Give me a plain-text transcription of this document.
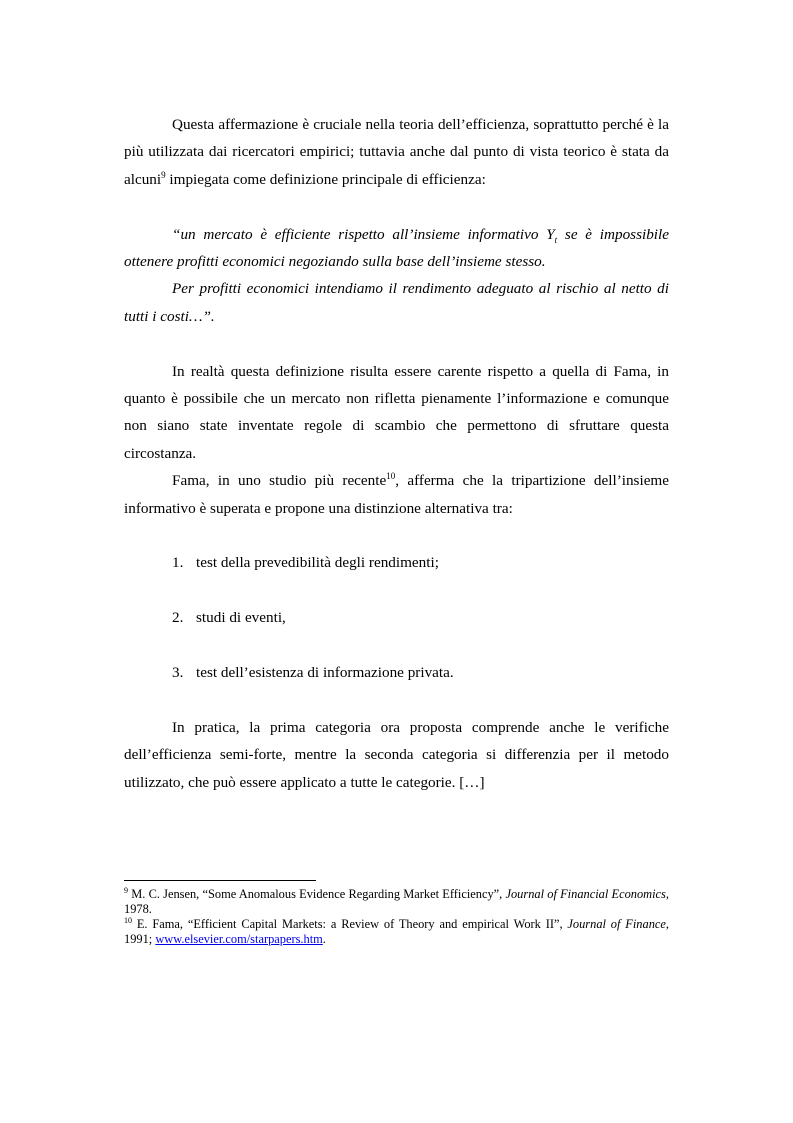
Questa affermazione è cruciale nella teoria dell’efficienza, soprattutto perché è la più utilizzata dai ricercatori empirici; tuttavia anche dal punto di vista teorico è stata da alcuni$^9$ impiegata come definizione principale di efficienza:

“un mercato è efficiente rispetto all’insieme informativo $Y_t$ se è impossibile ottenere profitti economici negoziando sulla base dell’insieme stesso.

Per profitti economici intendiamo il rendimento adeguato al rischio al netto di tutti i costi…”.

In realtà questa definizione risulta essere carente rispetto a quella di Fama, in quanto è possibile che un mercato non rifletta pienamente l’informazione e comunque non siano state inventate regole di scambio che permettono di sfruttare questa circostanza.

Fama, in uno studio più recente$^{10}$, afferma che la tripartizione dell’insieme informativo è superata e propone una distinzione alternativa tra:

1. test della prevedibilità degli rendimenti;

2. studi di eventi,

3. test dell’esistenza di informazione privata.

In pratica, la prima categoria ora proposta comprende anche le verifiche dell’efficienza semi-forte, mentre la seconda categoria si differenzia per il metodo utilizzato, che può essere applicato a tutte le categorie. […]

$^9$ M. C. Jensen, “Some Anomalous Evidence Regarding Market Efficiency”, Journal of Financial Economics, 1978.

$^{10}$ E. Fama, “Efficient Capital Markets: a Review of Theory and empirical Work II”, Journal of Finance, 1991; www.elsevier.com/starpapers.htm.
